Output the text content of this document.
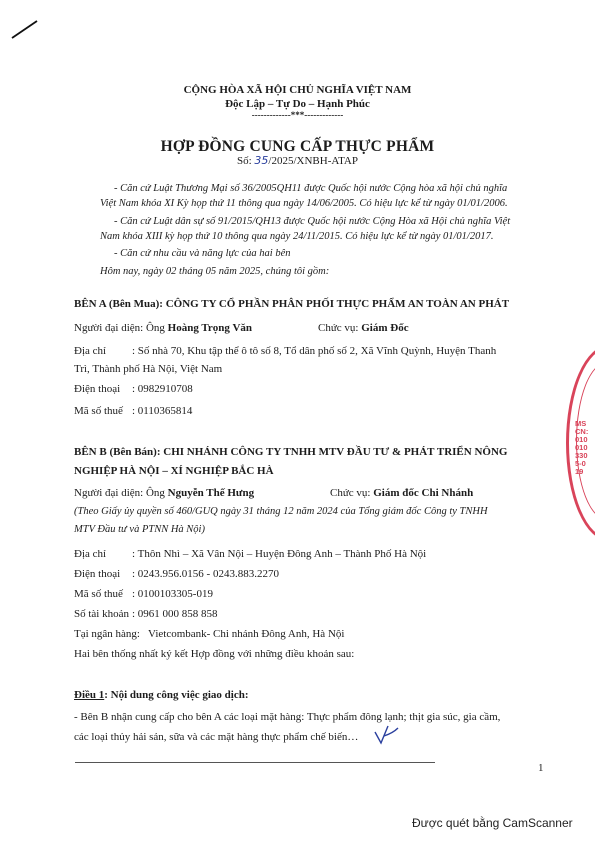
CỘNG HÒA XÃ HỘI CHỦ NGHĨA VIỆT NAM
Độc Lập – Tự Do – Hạnh Phúc
-------------***-------------
HỢP ĐỒNG CUNG CẤP THỰC PHẨM
Số: 35/2025/XNBH-ATAP
- Căn cứ Luật Thương Mại số 36/2005QH11 được Quốc hội nước Cộng hòa xã hội chủ nghĩa
Việt Nam khóa XI Kỳ họp thứ 11 thông qua ngày 14/06/2005. Có hiệu lực kể từ ngày 01/01/2006.
- Căn cứ Luật dân sự số 91/2015/QH13 được Quốc hội nước Cộng Hòa xã Hội chủ nghĩa Việt
Nam khóa XIII kỳ họp thứ 10 thông qua ngày 24/11/2015. Có hiệu lực kể từ ngày 01/01/2017.
- Căn cứ nhu cầu và năng lực của hai bên
Hôm nay, ngày 02 tháng 05 năm 2025, chúng tôi gồm:
BÊN A (Bên Mua): CÔNG TY CỔ PHẦN PHÂN PHỐI THỰC PHẨM AN TOÀN AN PHÁT
Người đại diện: Ông Hoàng Trọng Văn	Chức vụ: Giám Đốc
Địa chỉ : Số nhà 70, Khu tập thể ô tô số 8, Tổ dân phố số 2, Xã Vĩnh Quỳnh, Huyện Thanh
Trì, Thành phố Hà Nội, Việt Nam
Điện thoại : 0982910708
Mã số thuế : 0110365814
BÊN B (Bên Bán): CHI NHÁNH CÔNG TY TNHH MTV ĐẦU TƯ & PHÁT TRIỂN NÔNG
NGHIỆP HÀ NỘI – XÍ NGHIỆP BẮC HÀ
Người đại diện: Ông Nguyễn Thế Hưng	Chức vụ: Giám đốc Chi Nhánh
(Theo Giấy ủy quyền số 460/GUQ ngày 31 tháng 12 năm 2024 của Tổng giám đốc Công ty TNHH
MTV Đầu tư và PTNN Hà Nội)
Địa chỉ : Thôn Nhì – Xã Vân Nội – Huyện Đông Anh – Thành Phố Hà Nội
Điện thoại : 0243.956.0156 - 0243.883.2270
Mã số thuế : 0100103305-019
Số tài khoản : 0961 000 858 858
Tại ngân hàng: Vietcombank- Chi nhánh Đông Anh, Hà Nội
Hai bên thống nhất ký kết Hợp đồng với những điều khoản sau:
Điều 1: Nội dung công việc giao dịch:
- Bên B nhận cung cấp cho bên A các loại mặt hàng: Thực phẩm đông lạnh; thịt gia súc, gia cầm,
các loại thủy hải sản, sữa và các mặt hàng thực phẩm chế biến…
1
MSCN:0100103305-019
Được quét bằng CamScanner
